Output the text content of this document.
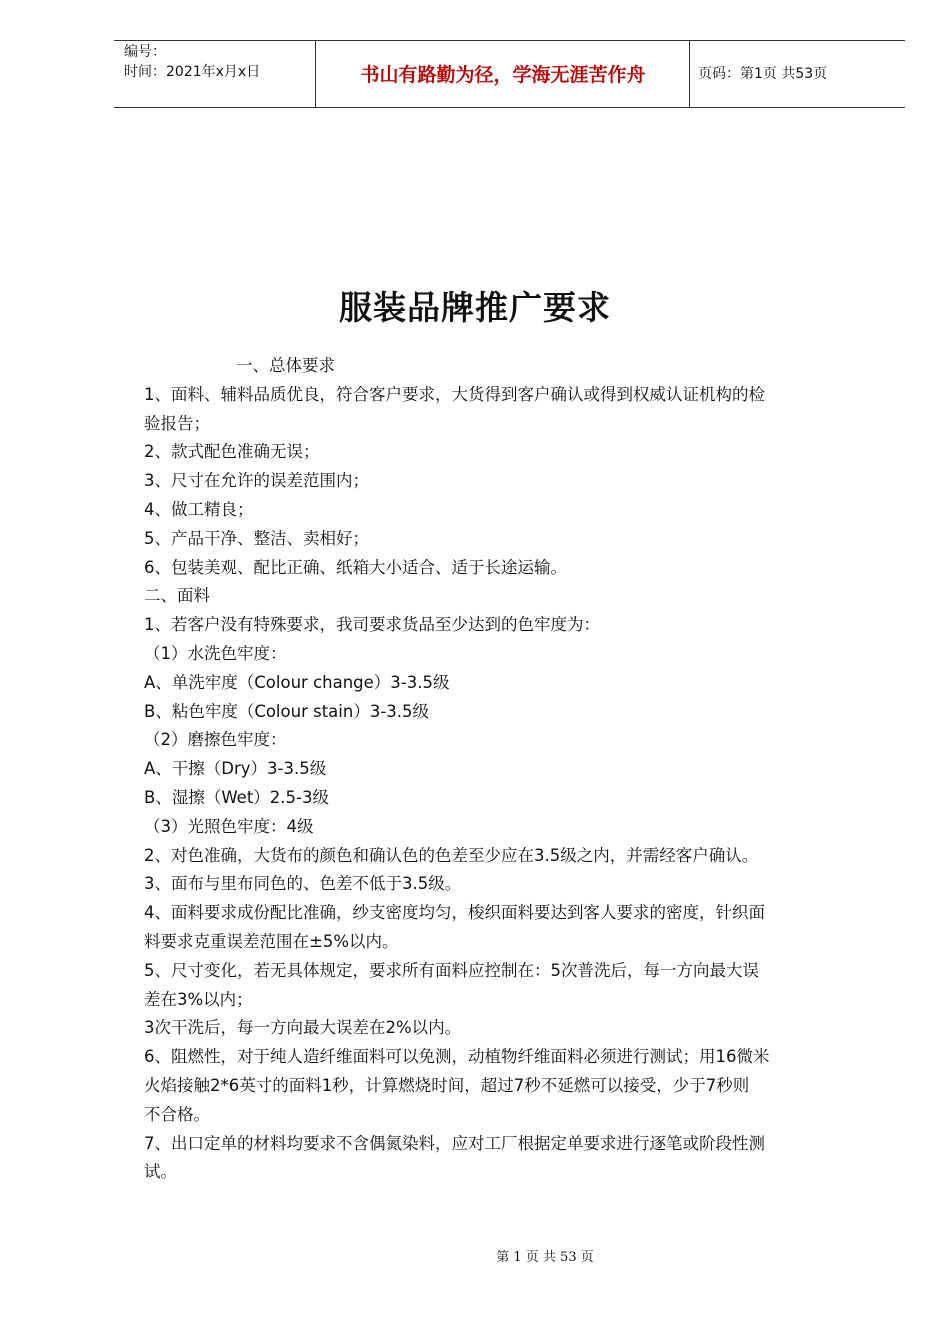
编号：
时间：2021年x月x日	书山有路勤为径，学海无涯苦作舟	页码：第1页 共53页
服装品牌推广要求
一、总体要求
1、面料、辅料品质优良，符合客户要求，大货得到客户确认或得到权威认证机构的检
验报告；
2、款式配色准确无误；
3、尺寸在允许的误差范围内；
4、做工精良；
5、产品干净、整洁、卖相好；
6、包装美观、配比正确、纸箱大小适合、适于长途运输。
二、面料
1、若客户没有特殊要求，我司要求货品至少达到的色牢度为：
（1）水洗色牢度：
A、单洗牢度（Colour change）3-3.5级
B、粘色牢度（Colour stain）3-3.5级
（2）磨擦色牢度：
A、干擦（Dry）3-3.5级
B、湿擦（Wet）2.5-3级
（3）光照色牢度：4级
2、对色准确，大货布的颜色和确认色的色差至少应在3.5级之内，并需经客户确认。
3、面布与里布同色的、色差不低于3.5级。
4、面料要求成份配比准确，纱支密度均匀，梭织面料要达到客人要求的密度，针织面
料要求克重误差范围在±5%以内。
5、尺寸变化，若无具体规定，要求所有面料应控制在：5次普洗后，每一方向最大误
差在3%以内；
3次干洗后，每一方向最大误差在2%以内。
6、阻燃性，对于纯人造纤维面料可以免测，动植物纤维面料必须进行测试；用16微米
火焰接触2*6英寸的面料1秒，计算燃烧时间，超过7秒不延燃可以接受，少于7秒则
不合格。
7、出口定单的材料均要求不含偶氮染料，应对工厂根据定单要求进行逐笔或阶段性测
试。
第 1 页 共 53 页
